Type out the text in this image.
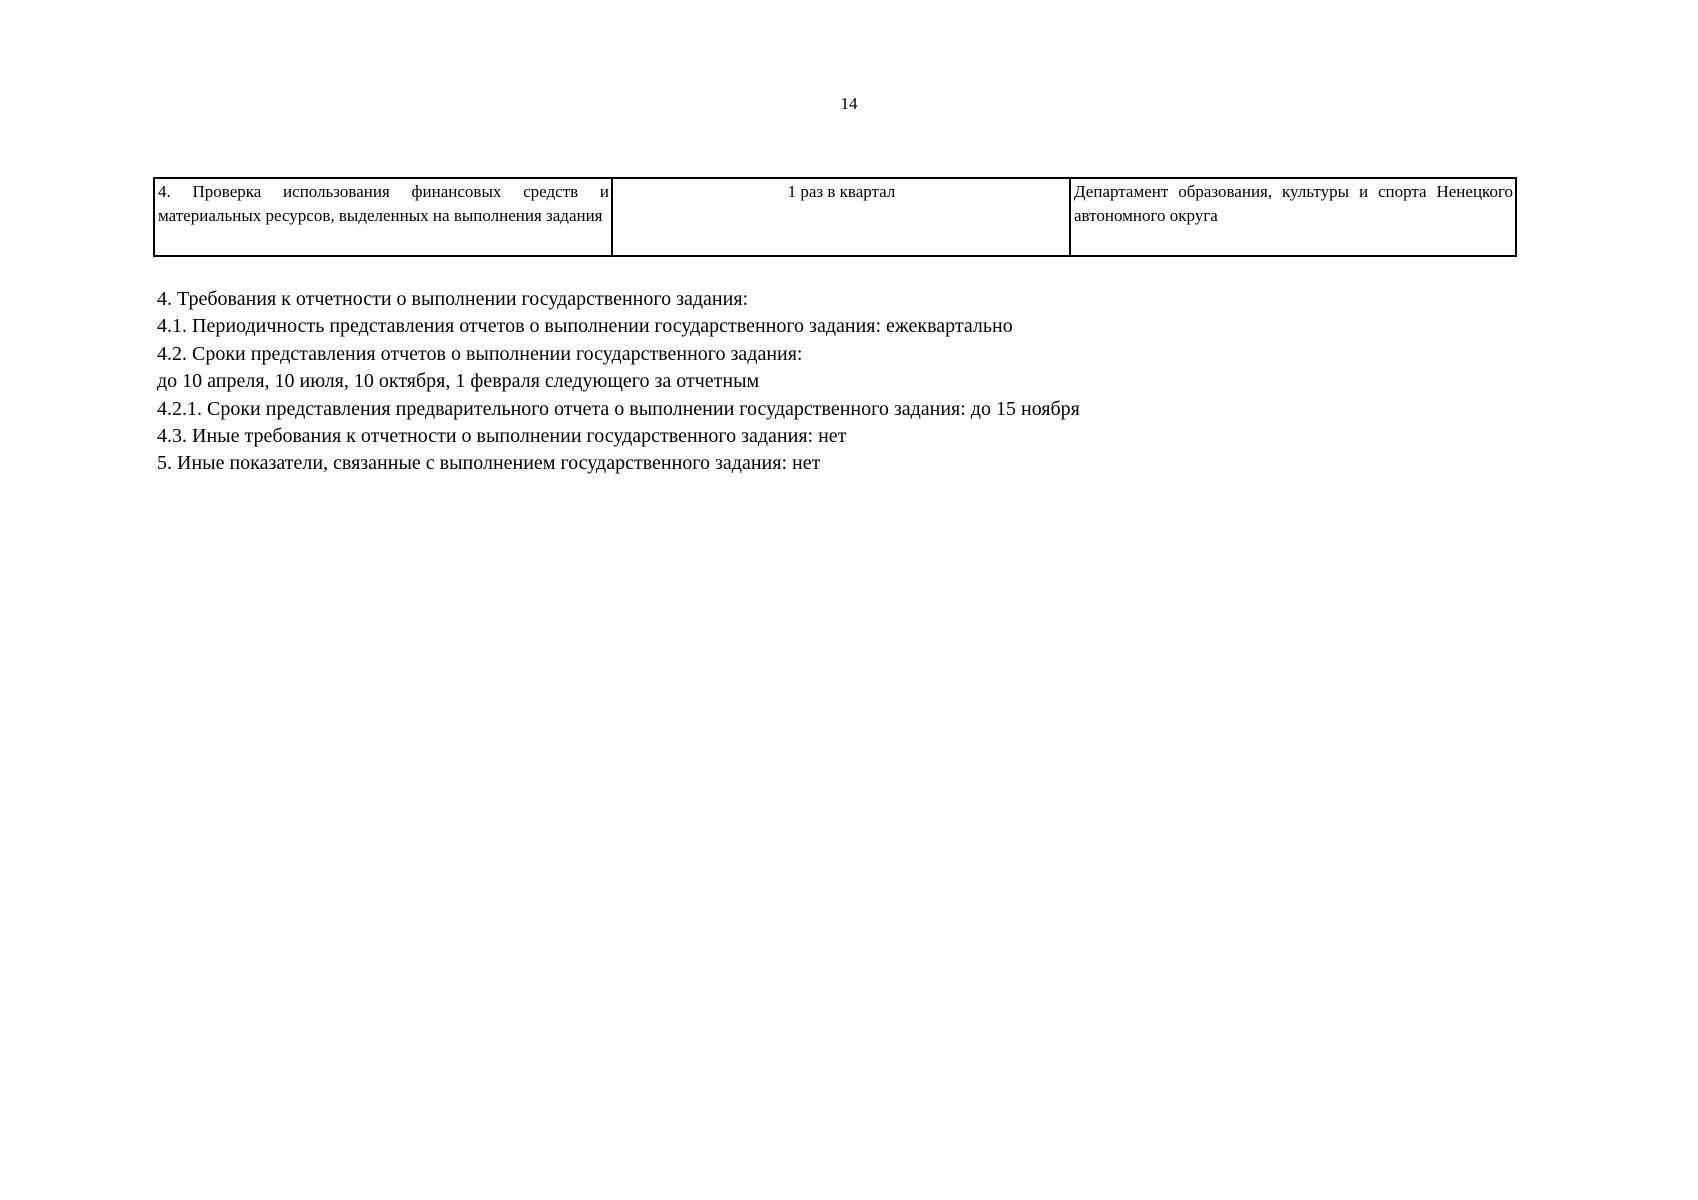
14
4. Проверка использования финансовых средств и материальных ресурсов, выделенных на выполнения задания	1 раз в квартал	Департамент образования, культуры и спорта Ненецкого автономного округа

4. Требования к отчетности о выполнении государственного задания:

4.1. Периодичность представления отчетов о выполнении государственного задания: ежеквартально

4.2. Сроки представления отчетов о выполнении государственного задания:

до 10 апреля, 10 июля, 10 октября, 1 февраля следующего за отчетным

4.2.1. Сроки представления предварительного отчета о выполнении государственного задания: до 15 ноября

4.3. Иные требования к отчетности о выполнении государственного задания: нет

5. Иные показатели, связанные с выполнением государственного задания: нет
